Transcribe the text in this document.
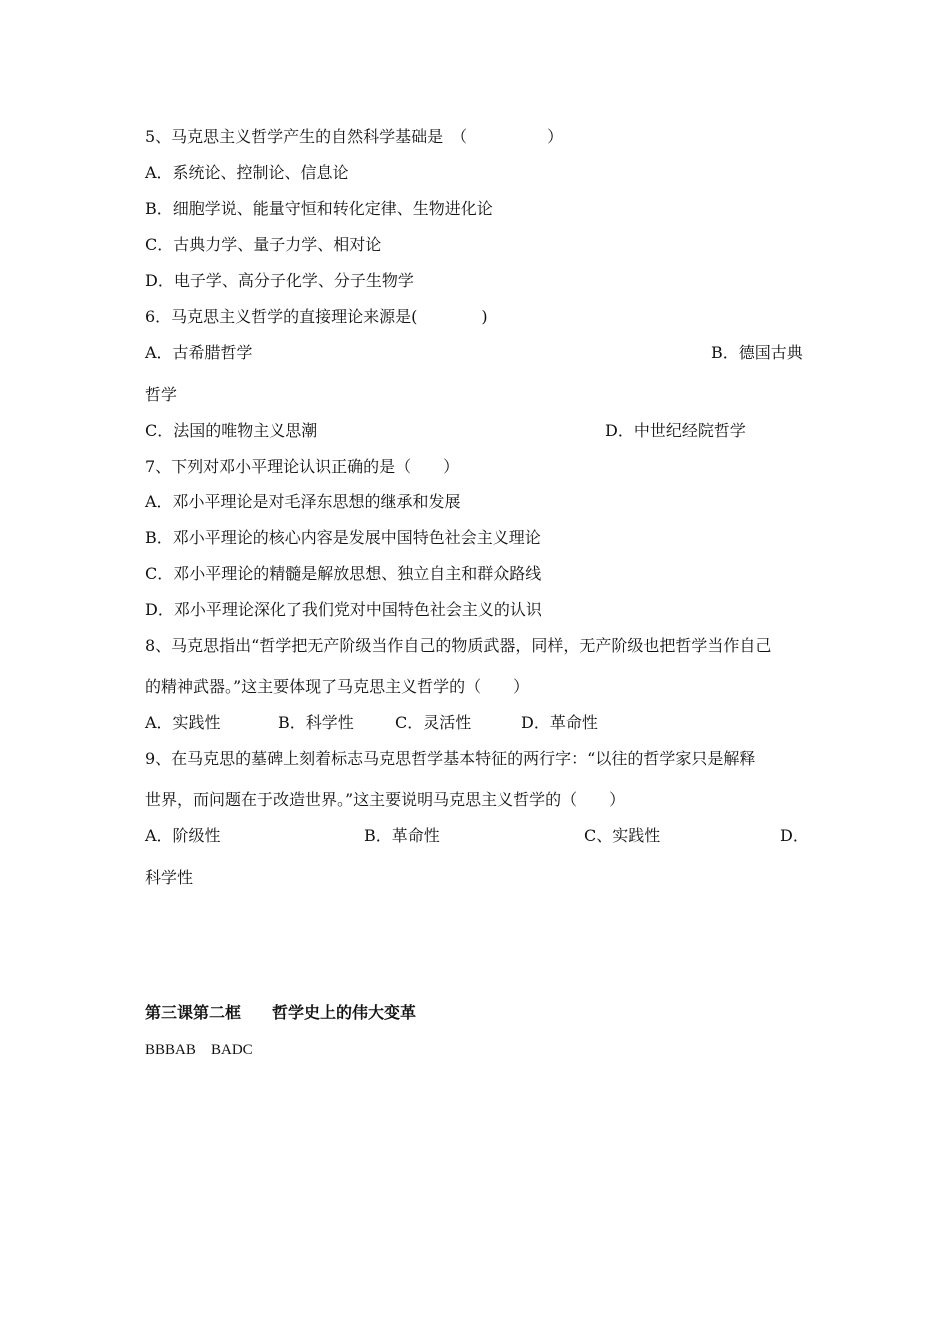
5、马克思主义哲学产生的自然科学基础是　（　　　　　）
A．系统论、控制论、信息论
B．细胞学说、能量守恒和转化定律、生物进化论
C．古典力学、量子力学、相对论
D．电子学、高分子化学、分子生物学
6．马克思主义哲学的直接理论来源是(　　　　)
A．古希腊哲学	B．德国古典
哲学
C．法国的唯物主义思潮	D．中世纪经院哲学
7、下列对邓小平理论认识正确的是（　　）
A．邓小平理论是对毛泽东思想的继承和发展
B．邓小平理论的核心内容是发展中国特色社会主义理论
C．邓小平理论的精髓是解放思想、独立自主和群众路线
D．邓小平理论深化了我们党对中国特色社会主义的认识
8、马克思指出“哲学把无产阶级当作自己的物质武器，同样，无产阶级也把哲学当作自己
的精神武器。”这主要体现了马克思主义哲学的（　　）
A．实践性	B．科学性	C．灵活性	D．革命性
9、在马克思的墓碑上刻着标志马克思哲学基本特征的两行字：“以往的哲学家只是解释
世界，而问题在于改造世界。”这主要说明马克思主义哲学的（　　）
A．阶级性	B．革命性	C、实践性	D．
科学性
第三课第二框 哲学史上的伟大变革
BBBAB BADC
